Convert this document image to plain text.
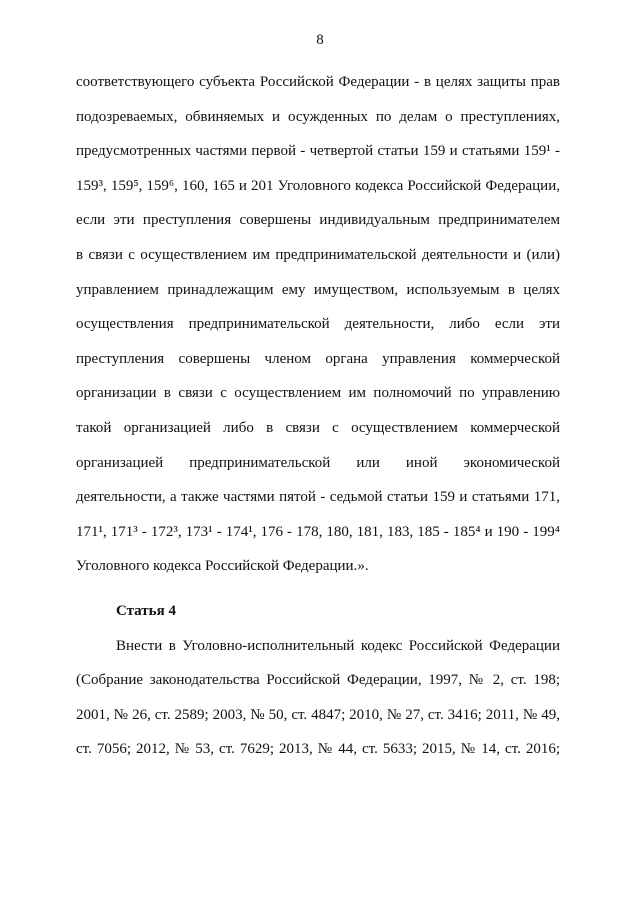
8
соответствующего субъекта Российской Федерации - в целях защиты прав
подозреваемых, обвиняемых и осужденных по делам о преступлениях,
предусмотренных частями первой - четвертой статьи 159 и статьями 159¹ -
159³, 159⁵, 159⁶, 160, 165 и 201 Уголовного кодекса Российской Федерации,
если эти преступления совершены индивидуальным предпринимателем
в связи с осуществлением им предпринимательской деятельности и (или)
управлением принадлежащим ему имуществом, используемым в целях
осуществления предпринимательской деятельности, либо если эти
преступления совершены членом органа управления коммерческой
организации в связи с осуществлением им полномочий по управлению
такой организацией либо в связи с осуществлением коммерческой
организацией предпринимательской или иной экономической
деятельности, а также частями пятой - седьмой статьи 159 и статьями 171,
171¹, 171³ - 172³, 173¹ - 174¹, 176 - 178, 180, 181, 183, 185 - 185⁴ и 190 - 199⁴
Уголовного кодекса Российской Федерации.».
Статья 4
Внести в Уголовно-исполнительный кодекс Российской Федерации
(Собрание законодательства Российской Федерации, 1997, № 2, ст. 198;
2001, № 26, ст. 2589; 2003, № 50, ст. 4847; 2010, № 27, ст. 3416; 2011, № 49,
ст. 7056; 2012, № 53, ст. 7629; 2013, № 44, ст. 5633; 2015, № 14, ст. 2016;
